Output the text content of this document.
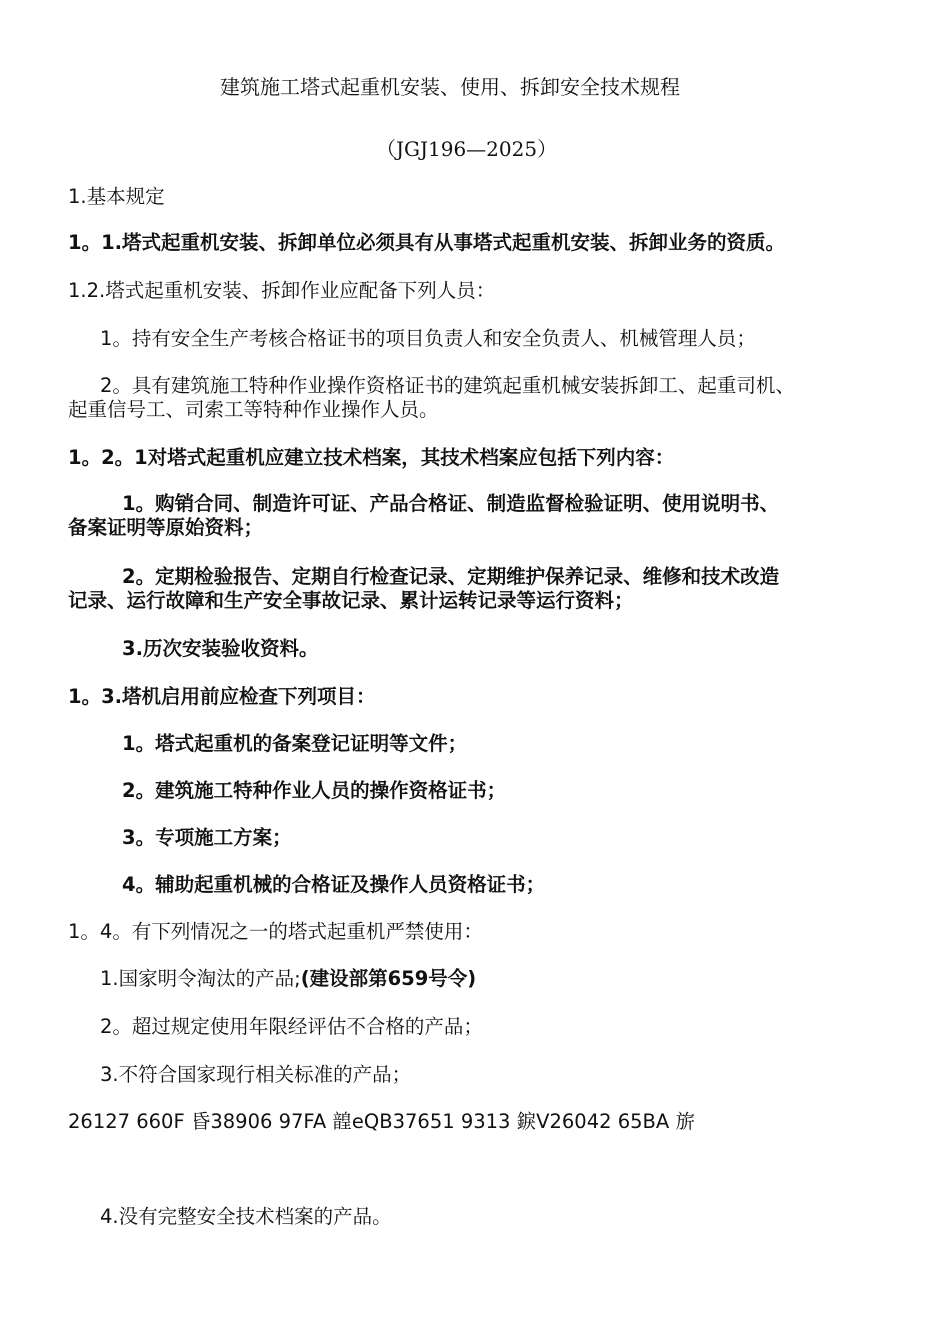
建筑施工塔式起重机安装、使用、拆卸安全技术规程
（JGJ196—2025）
1.基本规定
1。1.塔式起重机安装、拆卸单位必须具有从事塔式起重机安装、拆卸业务的资质。
1.2.塔式起重机安装、拆卸作业应配备下列人员：
1。持有安全生产考核合格证书的项目负责人和安全负责人、机械管理人员；
2。具有建筑施工特种作业操作资格证书的建筑起重机械安装拆卸工、起重司机、
起重信号工、司索工等特种作业操作人员。
1。2。1对塔式起重机应建立技术档案，其技术档案应包括下列内容：
1。购销合同、制造许可证、产品合格证、制造监督检验证明、使用说明书、
备案证明等原始资料；
2。定期检验报告、定期自行检查记录、定期维护保养记录、维修和技术改造
记录、运行故障和生产安全事故记录、累计运转记录等运行资料；
3.历次安装验收资料。
1。3.塔机启用前应检查下列项目：
1。塔式起重机的备案登记证明等文件；
2。建筑施工特种作业人员的操作资格证书；
3。专项施工方案；
4。辅助起重机械的合格证及操作人员资格证书；
1。4。有下列情况之一的塔式起重机严禁使用：
1.国家明令淘汰的产品;(建设部第659号令)
2。超过规定使用年限经评估不合格的产品；
3.不符合国家现行相关标准的产品；
26127 660F 昏38906 97FA 韹eQB37651 9313 錑V26042 65BA 旂
4.没有完整安全技术档案的产品。
